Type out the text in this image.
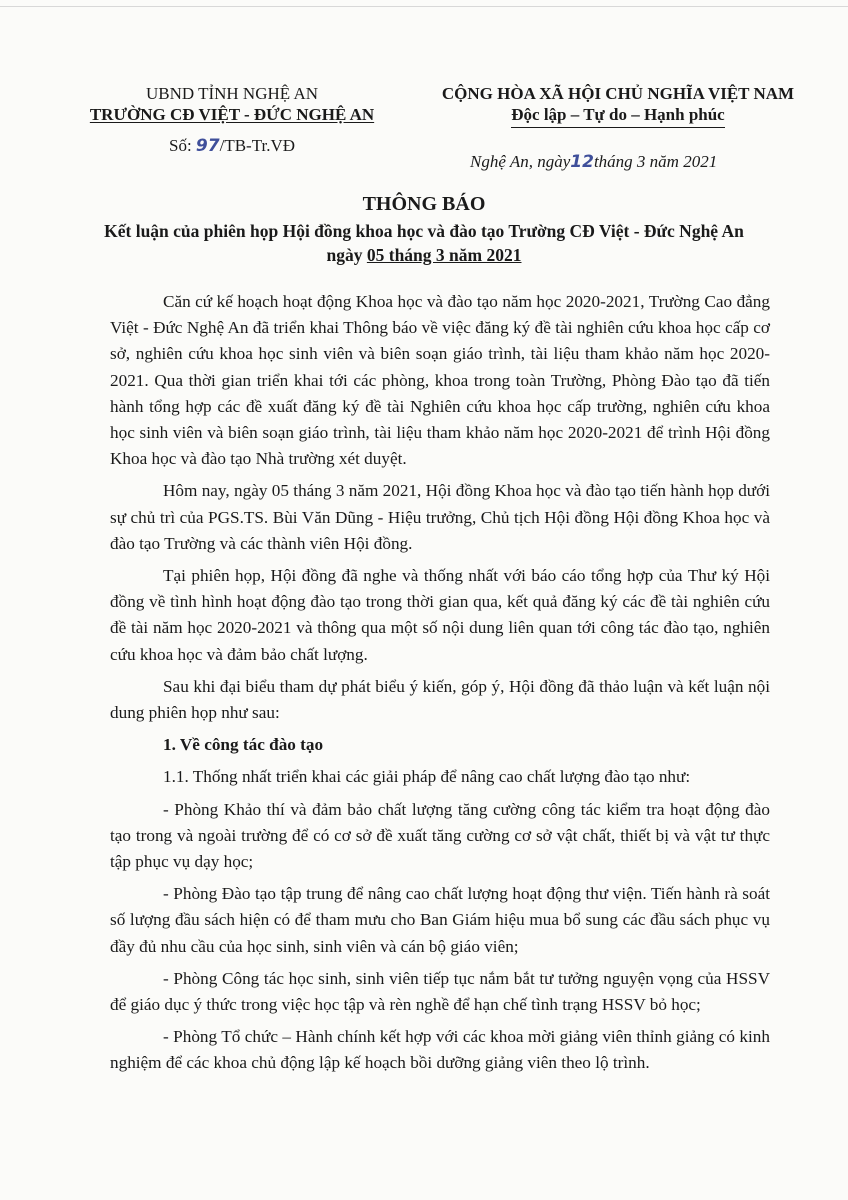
UBND TỈNH NGHỆ AN
TRƯỜNG CĐ VIỆT - ĐỨC NGHỆ AN
Số: 97/TB-Tr.VĐ
CỘNG HÒA XÃ HỘI CHỦ NGHĨA VIỆT NAM
Độc lập – Tự do – Hạnh phúc
Nghệ An, ngày12tháng 3 năm 2021
THÔNG BÁO
Kết luận của phiên họp Hội đồng khoa học và đào tạo Trường CĐ Việt - Đức Nghệ An
ngày 05 tháng 3 năm 2021

Căn cứ kế hoạch hoạt động Khoa học và đào tạo năm học 2020-2021, Trường Cao đẳng Việt - Đức Nghệ An đã triển khai Thông báo về việc đăng ký đề tài nghiên cứu khoa học cấp cơ sở, nghiên cứu khoa học sinh viên và biên soạn giáo trình, tài liệu tham khảo năm học 2020-2021. Qua thời gian triển khai tới các phòng, khoa trong toàn Trường, Phòng Đào tạo đã tiến hành tổng hợp các đề xuất đăng ký đề tài Nghiên cứu khoa học cấp trường, nghiên cứu khoa học sinh viên và biên soạn giáo trình, tài liệu tham khảo năm học 2020-2021 để trình Hội đồng Khoa học và đào tạo Nhà trường xét duyệt.

Hôm nay, ngày 05 tháng 3 năm 2021, Hội đồng Khoa học và đào tạo tiến hành họp dưới sự chủ trì của PGS.TS. Bùi Văn Dũng - Hiệu trưởng, Chủ tịch Hội đồng Hội đồng Khoa học và đào tạo Trường và các thành viên Hội đồng.

Tại phiên họp, Hội đồng đã nghe và thống nhất với báo cáo tổng hợp của Thư ký Hội đồng về tình hình hoạt động đào tạo trong thời gian qua, kết quả đăng ký các đề tài nghiên cứu đề tài năm học 2020-2021 và thông qua một số nội dung liên quan tới công tác đào tạo, nghiên cứu khoa học và đảm bảo chất lượng.

Sau khi đại biểu tham dự phát biểu ý kiến, góp ý, Hội đồng đã thảo luận và kết luận nội dung phiên họp như sau:

1. Về công tác đào tạo

1.1. Thống nhất triển khai các giải pháp để nâng cao chất lượng đào tạo như:

- Phòng Khảo thí và đảm bảo chất lượng tăng cường công tác kiểm tra hoạt động đào tạo trong và ngoài trường để có cơ sở đề xuất tăng cường cơ sở vật chất, thiết bị và vật tư thực tập phục vụ dạy học;

- Phòng Đào tạo tập trung để nâng cao chất lượng hoạt động thư viện. Tiến hành rà soát số lượng đầu sách hiện có để tham mưu cho Ban Giám hiệu mua bổ sung các đầu sách phục vụ đầy đủ nhu cầu của học sinh, sinh viên và cán bộ giáo viên;

- Phòng Công tác học sinh, sinh viên tiếp tục nắm bắt tư tưởng nguyện vọng của HSSV để giáo dục ý thức trong việc học tập và rèn nghề để hạn chế tình trạng HSSV bỏ học;

- Phòng Tổ chức – Hành chính kết hợp với các khoa mời giảng viên thỉnh giảng có kinh nghiệm để các khoa chủ động lập kế hoạch bồi dưỡng giảng viên theo lộ trình.
